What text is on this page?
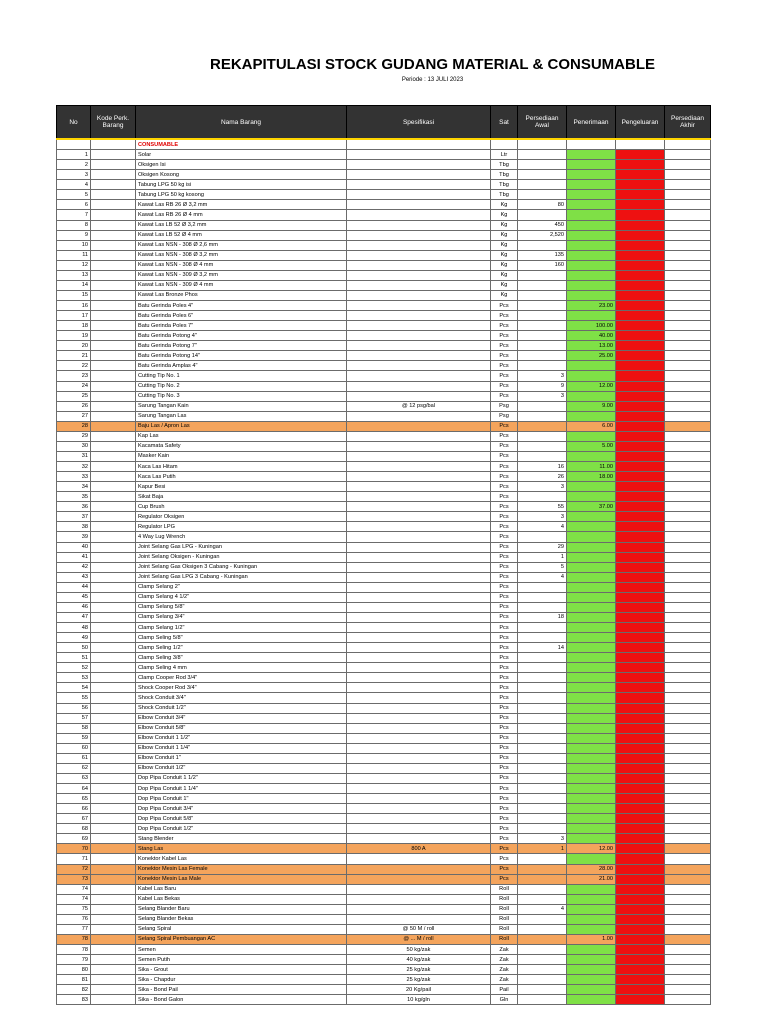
REKAPITULASI STOCK GUDANG MATERIAL & CONSUMABLE
Periode : 13 JULI 2023
No	Kode Perk. Barang	Nama Barang	Spesifikasi	Sat	Persediaan Awal	Penerimaan	Pengeluaran	Persediaan Akhir
		CONSUMABLE						
1		Solar		Ltr				
2		Oksigen Isi		Tbg				
3		Oksigen Kosong		Tbg				
4		Tabung LPG 50 kg isi		Tbg				
5		Tabung LPG 50 kg kosong		Tbg				
6		Kawat Las RB 26 Ø 3,2 mm		Kg	80			
7		Kawat Las RB 26 Ø 4 mm		Kg				
8		Kawat Las LB 52 Ø 3,2 mm		Kg	450			
9		Kawat Las LB 52 Ø 4 mm		Kg	2,520			
10		Kawat Las NSN - 308 Ø 2,6 mm		Kg				
11		Kawat Las NSN - 308 Ø 3,2 mm		Kg	135			
12		Kawat Las NSN - 308 Ø 4 mm		Kg	160			
13		Kawat Las NSN - 309 Ø 3,2 mm		Kg				
14		Kawat Las NSN - 309 Ø 4 mm		Kg				
15		Kawat Las Bronze Phos		Kg				
16		Batu Gerinda Poles 4"		Pcs		23.00		
17		Batu Gerinda Poles 6"		Pcs				
18		Batu Gerinda Poles 7"		Pcs		100.00		
19		Batu Gerinda Potong 4"		Pcs		40.00		
20		Batu Gerinda Potong 7"		Pcs		13.00		
21		Batu Gerinda Potong 14"		Pcs		25.00		
22		Batu Gerinda Amplas 4"		Pcs				
23		Cutting Tip No. 1		Pcs	3			
24		Cutting Tip No. 2		Pcs	9	12.00		
25		Cutting Tip No. 3		Pcs	3			
26		Sarung Tangan Kain	@ 12 psg/bal	Psg		9.00		
27		Sarung Tangan Las		Psg				
28		Baju Las / Apron Las		Pcs		6.00		
29		Kap Las		Pcs				
30		Kacamata Safety		Pcs		5.00		
31		Masker Kain		Pcs				
32		Kaca Las Hitam		Pcs	16	11.00		
33		Kaca Las Putih		Pcs	26	18.00		
34		Kapur Besi		Pcs	3			
35		Sikat Baja		Pcs				
36		Cup Brush		Pcs	55	37.00		
37		Regulator Oksigen		Pcs	3			
38		Regulator LPG		Pcs	4			
39		4 Way Lug Wrench		Pcs				
40		Joint Selang Gas LPG - Kuningan		Pcs	29			
41		Joint Selang Oksigen - Kuningan		Pcs	1			
42		Joint Selang Gas Oksigen 3 Cabang - Kuningan		Pcs	5			
43		Joint Selang Gas LPG 3 Cabang - Kuningan		Pcs	4			
44		Clamp Selang 2"		Pcs				
45		Clamp Selang 4 1/2"		Pcs				
46		Clamp Selang 5/8"		Pcs				
47		Clamp Selang 3/4"		Pcs	18			
48		Clamp Selang 1/2"		Pcs				
49		Clamp Seling 5/8"		Pcs				
50		Clamp Seling 1/2"		Pcs	14			
51		Clamp Seling 3/8"		Pcs				
52		Clamp Seling 4 mm		Pcs				
53		Clamp Cooper Rod 3/4"		Pcs				
54		Shock Cooper Rod 3/4"		Pcs				
55		Shock Conduit 3/4"		Pcs				
56		Shock Conduit 1/2"		Pcs				
57		Elbow Conduit 3/4"		Pcs				
58		Elbow Conduit 5/8"		Pcs				
59		Elbow Conduit 1 1/2"		Pcs				
60		Elbow Conduit 1 1/4"		Pcs				
61		Elbow Conduit 1"		Pcs				
62		Elbow Conduit 1/2"		Pcs				
63		Dop Pipa Conduit 1 1/2"		Pcs				
64		Dop Pipa Conduit 1 1/4"		Pcs				
65		Dop Pipa Conduit 1"		Pcs				
66		Dop Pipa Conduit 3/4"		Pcs				
67		Dop Pipa Conduit 5/8"		Pcs				
68		Dop Pipa Conduit 1/2"		Pcs				
69		Stang Blender		Pcs	3			
70		Stang Las	800 A	Pcs	1	12.00		
71		Konektor Kabel Las		Pcs				
72		Konektor Mesin Las Female		Pcs		28.00		
73		Konektor Mesin Las Male		Pcs		21.00		
74		Kabel Las Baru		Roll				
74		Kabel Las Bekas		Roll				
75		Selang Blander Baru		Roll	4			
76		Selang Blander Bekas		Roll				
77		Selang Spiral	@ 50 M / roll	Roll				
78		Selang Spiral Pembuangan AC	@ ... M / roll	Roll		1.00		
78		Semen	50 kg/zak	Zak				
79		Semen Putih	40 kg/zak	Zak				
80		Sika - Grout	25 kg/zak	Zak				
81		Sika - Chapdur	25 kg/zak	Zak				
82		Sika - Bond Pail	20 Kg/pail	Pail				
83		Sika - Bond Galon	10 kg/gln	Gln				
